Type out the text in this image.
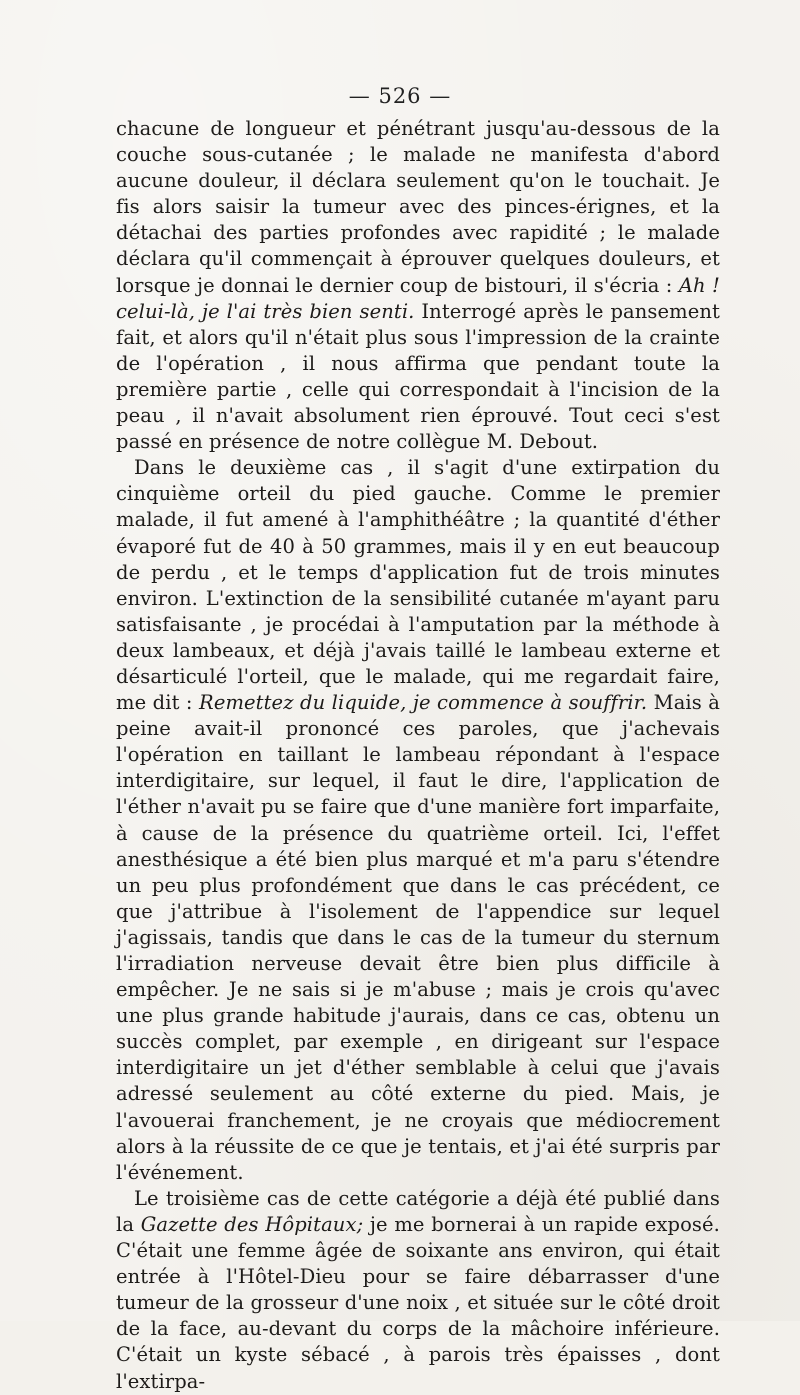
— 526 —

chacune de longueur et pénétrant jusqu'au-dessous de la couche sous-cutanée ; le malade ne manifesta d'abord aucune douleur, il déclara seulement qu'on le touchait. Je fis alors saisir la tumeur avec des pinces-érignes, et la détachai des parties profondes avec rapidité ; le malade déclara qu'il commençait à éprouver quelques douleurs, et lorsque je donnai le dernier coup de bistouri, il s'écria : Ah ! celui-là, je l'ai très bien senti. Interrogé après le pansement fait, et alors qu'il n'était plus sous l'impression de la crainte de l'opération , il nous affirma que pendant toute la première partie , celle qui correspondait à l'incision de la peau , il n'avait absolument rien éprouvé. Tout ceci s'est passé en présence de notre collègue M. Debout.

Dans le deuxième cas , il s'agit d'une extirpation du cinquième orteil du pied gauche. Comme le premier malade, il fut amené à l'amphithéâtre ; la quantité d'éther évaporé fut de 40 à 50 grammes, mais il y en eut beaucoup de perdu , et le temps d'application fut de trois minutes environ. L'extinction de la sensibilité cutanée m'ayant paru satisfaisante , je procédai à l'amputation par la méthode à deux lambeaux, et déjà j'avais taillé le lambeau externe et désarticulé l'orteil, que le malade, qui me regardait faire, me dit : Remettez du liquide, je commence à souffrir. Mais à peine avait-il prononcé ces paroles, que j'achevais l'opération en taillant le lambeau répondant à l'espace interdigitaire, sur lequel, il faut le dire, l'application de l'éther n'avait pu se faire que d'une manière fort imparfaite, à cause de la présence du quatrième orteil. Ici, l'effet anesthésique a été bien plus marqué et m'a paru s'étendre un peu plus profondément que dans le cas précédent, ce que j'attribue à l'isolement de l'appendice sur lequel j'agissais, tandis que dans le cas de la tumeur du sternum l'irradiation nerveuse devait être bien plus difficile à empêcher. Je ne sais si je m'abuse ; mais je crois qu'avec une plus grande habitude j'aurais, dans ce cas, obtenu un succès complet, par exemple , en dirigeant sur l'espace interdigitaire un jet d'éther semblable à celui que j'avais adressé seulement au côté externe du pied. Mais, je l'avouerai franchement, je ne croyais que médiocrement alors à la réussite de ce que je tentais, et j'ai été surpris par l'événement.

Le troisième cas de cette catégorie a déjà été publié dans la Gazette des Hôpitaux; je me bornerai à un rapide exposé. C'était une femme âgée de soixante ans environ, qui était entrée à l'Hôtel-Dieu pour se faire débarrasser d'une tumeur de la grosseur d'une noix , et située sur le côté droit de la face, au-devant du corps de la mâchoire inférieure. C'était un kyste sébacé , à parois très épaisses , dont l'extirpa-
